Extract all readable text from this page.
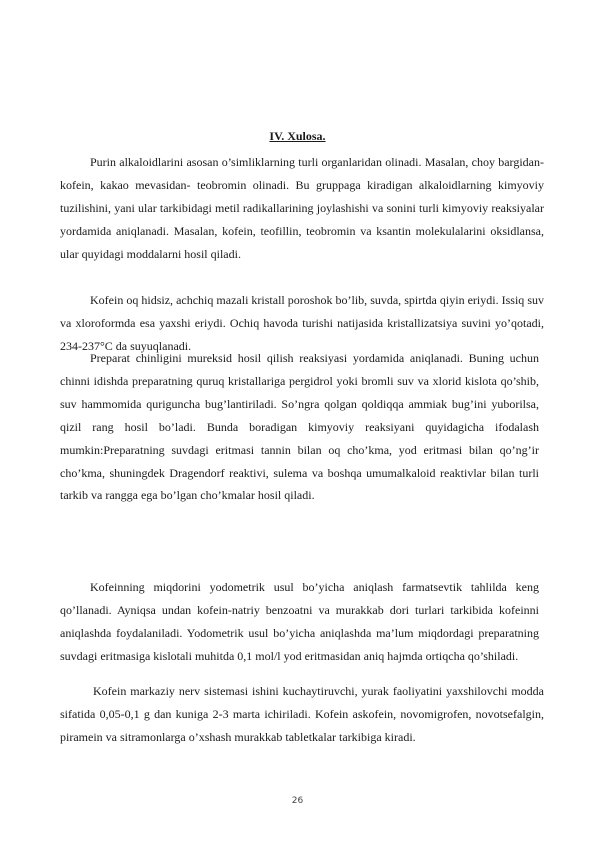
IV. Xulosa.

Purin alkaloidlarini asosan o’simliklarning turli organlaridan olinadi. Masalan, choy bargidan- kofein, kakao mevasidan- teobromin olinadi. Bu gruppaga kiradigan alkaloidlarning kimyoviy tuzilishini, yani ular tarkibidagi metil radikallarining joylashishi va sonini turli kimyoviy reaksiyalar yordamida aniqlanadi. Masalan, kofein, teofillin, teobromin va ksantin molekulalarini oksidlansa, ular quyidagi moddalarni hosil qiladi.

Kofein oq hidsiz, achchiq mazali kristall poroshok bo’lib, suvda, spirtda qiyin eriydi. Issiq suv va xloroformda esa yaxshi eriydi. Ochiq havoda turishi natijasida kristallizatsiya suvini yo’qotadi, 234-237°C da suyuqlanadi.

Preparat chinligini mureksid hosil qilish reaksiyasi yordamida aniqlanadi. Buning uchun chinni idishda preparatning quruq kristallariga pergidrol yoki bromli suv va xlorid kislota qo’shib, suv hammomida quriguncha bug’lantiriladi. So’ngra qolgan qoldiqqa ammiak bug’ini yuborilsa, qizil rang hosil bo’ladi. Bunda boradigan kimyoviy reaksiyani quyidagicha ifodalash mumkin:Preparatning suvdagi eritmasi tannin bilan oq cho’kma, yod eritmasi bilan qo’ng’ir cho’kma, shuningdek Dragendorf reaktivi, sulema va boshqa umumalkaloid reaktivlar bilan turli tarkib va rangga ega bo’lgan cho’kmalar hosil qiladi.

Kofeinning miqdorini yodometrik usul bo’yicha aniqlash farmatsevtik tahlilda keng qo’llanadi. Ayniqsa undan kofein-natriy benzoatni va murakkab dori turlari tarkibida kofeinni aniqlashda foydalaniladi. Yodometrik usul bo’yicha aniqlashda ma’lum miqdordagi preparatning suvdagi eritmasiga kislotali muhitda 0,1 mol/l yod eritmasidan aniq hajmda ortiqcha qo’shiladi.

Kofein markaziy nerv sistemasi ishini kuchaytiruvchi, yurak faoliyatini yaxshilovchi modda sifatida 0,05-0,1 g dan kuniga 2-3 marta ichiriladi. Kofein askofein, novomigrofen, novotsefalgin, piramein va sitramonlarga o’xshash murakkab tabletkalar tarkibiga kiradi.

26
